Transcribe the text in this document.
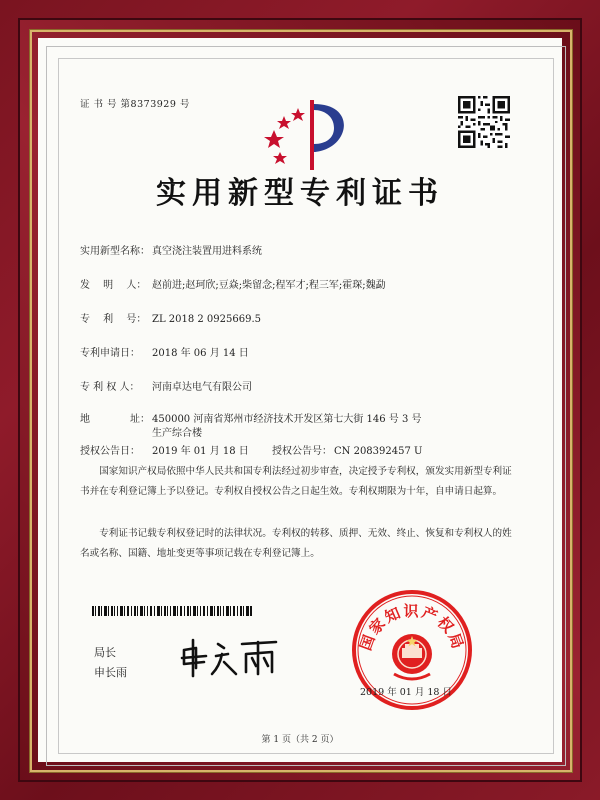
证 书 号 第8373929 号
实用新型专利证书
实用新型名称： 真空浇注装置用进料系统
发　 明　 人： 赵前进;赵珂欣;豆焱;柴留念;程军才;程三军;霍琛;魏勐
专　 利　 号： ZL 2018 2 0925669.5
专利申请日： 2018 年 06 月 14 日
专 利 权 人： 河南卓达电气有限公司
地　　　　址： 450000 河南省郑州市经济技术开发区第七大街 146 号 3 号
生产综合楼
授权公告日： 2019 年 01 月 18 日 授权公告号： CN 208392457 U
国家知识产权局依照中华人民共和国专利法经过初步审查，决定授予专利权，颁发实用新型专利证书并在专利登记簿上予以登记。专利权自授权公告之日起生效。专利权期限为十年，自申请日起算。
专利证书记载专利权登记时的法律状况。专利权的转移、质押、无效、终止、恢复和专利权人的姓名或名称、国籍、地址变更等事项记载在专利登记簿上。
局长
申长雨
国家知识产权局
2019 年 01 月 18 日
第 1 页（共 2 页）
